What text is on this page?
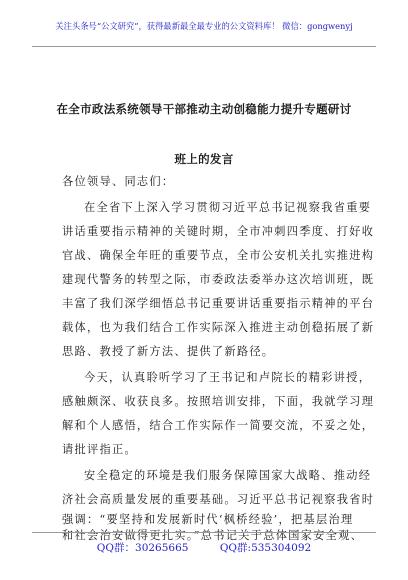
关注头条号“公文研究”，获得最新最全最专业的公文资料库！ 微信：gongwenyj
在全市政法系统领导干部推动主动创稳能力提升专题研讨
班上的发言
各位领导、同志们：
在全省下上深入学习贯彻习近平总书记视察我省重要
讲话重要指示精神的关键时期，全市冲刺四季度、打好收
官战、确保全年旺的重要节点，全市公安机关扎实推进构
建现代警务的转型之际，市委政法委举办这次培训班，既
丰富了我们深学细悟总书记重要讲话重要指示精神的平台
载体，也为我们结合工作实际深入推进主动创稳拓展了新
思路、教授了新方法、提供了新路径。
今天，认真聆听学习了王书记和卢院长的精彩讲授，
感触颇深、收获良多。按照培训安排，下面，我就学习理
解和个人感悟，结合工作实际作一简要交流，不妥之处，
请批评指正。
安全稳定的环境是我们服务保障国家大战略、推动经
济社会高质量发展的重要基础。习近平总书记视察我省时
强调：“要坚持和发展新时代‘枫桥经验’，把基层治理
和社会治安做得更扎实。”总书记关于总体国家安全观、
QQ群：30265665	QQ群:535304092
